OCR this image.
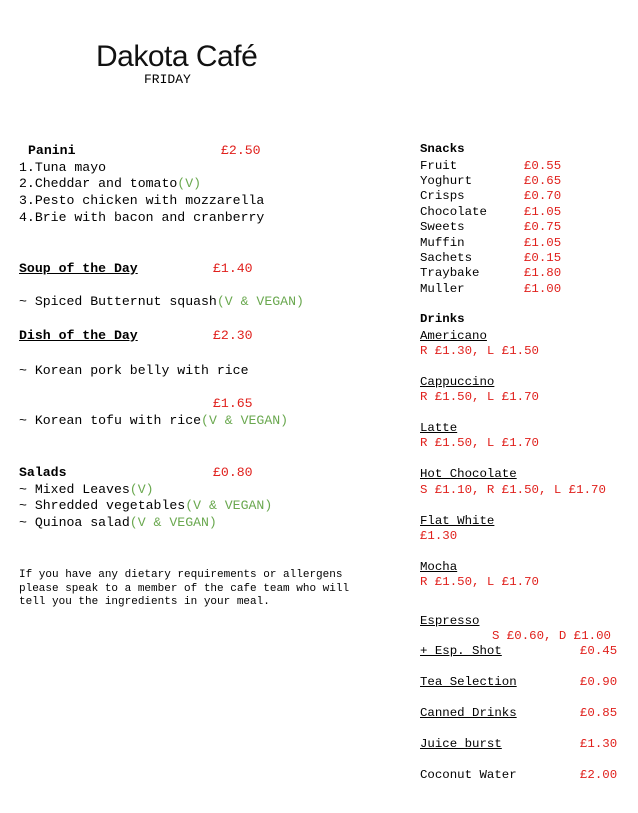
Dakota Café
FRIDAY
Panini	£2.50
1.Tuna mayo
2.Cheddar and tomato(V)
3.Pesto chicken with mozzarella
4.Brie with bacon and cranberry
Soup of the Day	£1.40
~ Spiced Butternut squash(V & VEGAN)
Dish of the Day	£2.30
~ Korean pork belly with rice
£1.65
~ Korean tofu with rice(V & VEGAN)
Salads	£0.80
~ Mixed Leaves(V)
~ Shredded vegetables(V & VEGAN)
~ Quinoa salad(V & VEGAN)
If you have any dietary requirements or allergens
please speak to a member of the cafe team who will
tell you the ingredients in your meal.
Snacks
Fruit	£0.55
Yoghurt	£0.65
Crisps	£0.70
Chocolate	£1.05
Sweets	£0.75
Muffin	£1.05
Sachets	£0.15
Traybake	£1.80
Muller	£1.00
Drinks
Americano
R £1.30, L £1.50
Cappuccino
R £1.50, L £1.70
Latte
R £1.50, L £1.70
Hot Chocolate
S £1.10, R £1.50, L £1.70
Flat White
£1.30
Mocha
R £1.50, L £1.70
Espresso
S £0.60, D £1.00
+ Esp. Shot	£0.45
Tea Selection	£0.90
Canned Drinks	£0.85
Juice burst	£1.30
Coconut Water	£2.00
